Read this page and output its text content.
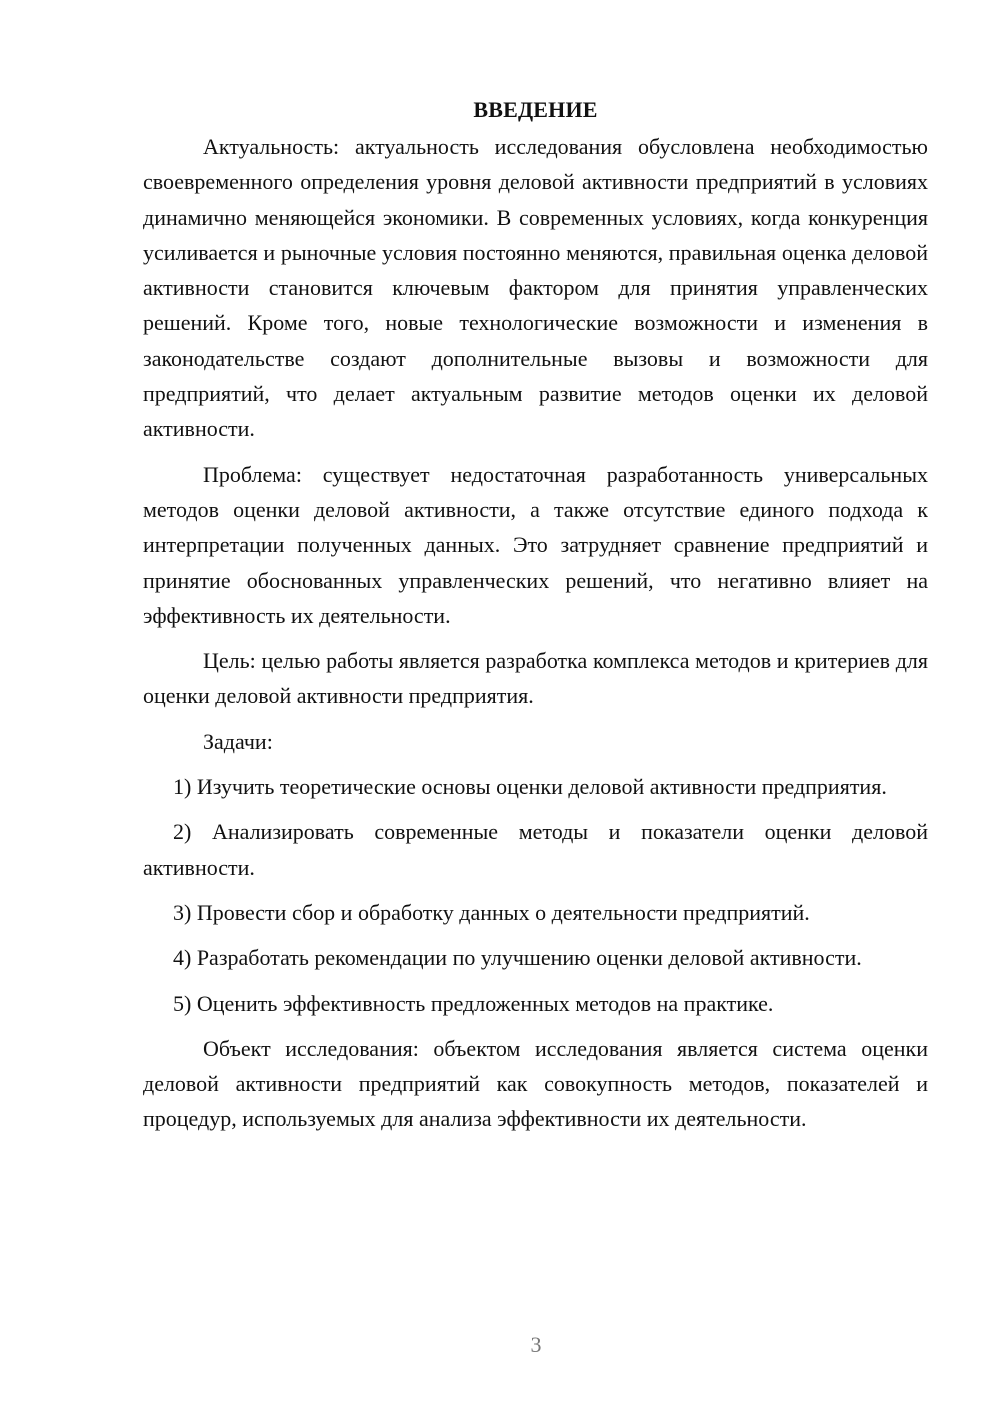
ВВЕДЕНИЕ

Актуальность: актуальность исследования обусловлена необходимостью своевременного определения уровня деловой активности предприятий в условиях динамично меняющейся экономики. В современных условиях, когда конкуренция усиливается и рыночные условия постоянно меняются, правильная оценка деловой активности становится ключевым фактором для принятия управленческих решений. Кроме того, новые технологические возможности и изменения в законодательстве создают дополнительные вызовы и возможности для предприятий, что делает актуальным развитие методов оценки их деловой активности.

Проблема: существует недостаточная разработанность универсальных методов оценки деловой активности, а также отсутствие единого подхода к интерпретации полученных данных. Это затрудняет сравнение предприятий и принятие обоснованных управленческих решений, что негативно влияет на эффективность их деятельности.

Цель: целью работы является разработка комплекса методов и критериев для оценки деловой активности предприятия.

Задачи:

1) Изучить теоретические основы оценки деловой активности предприятия.

2) Анализировать современные методы и показатели оценки деловой активности.

3) Провести сбор и обработку данных о деятельности предприятий.

4) Разработать рекомендации по улучшению оценки деловой активности.

5) Оценить эффективность предложенных методов на практике.

Объект исследования: объектом исследования является система оценки деловой активности предприятий как совокупность методов, показателей и процедур, используемых для анализа эффективности их деятельности.

3
